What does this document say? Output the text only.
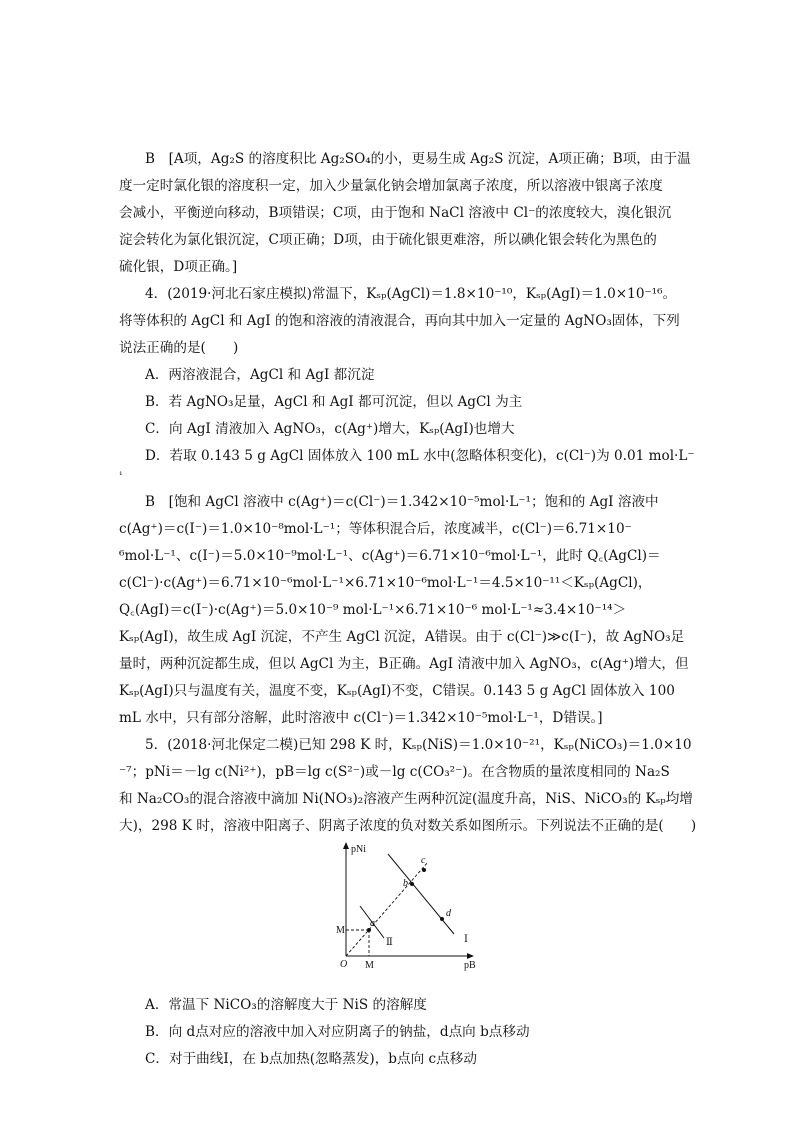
B　[A项，Ag₂S 的溶度积比 Ag₂SO₄的小，更易生成 Ag₂S 沉淀，A项正确；B项，由于温
度一定时氯化银的溶度积一定，加入少量氯化钠会增加氯离子浓度，所以溶液中银离子浓度
会减小，平衡逆向移动，B项错误；C项，由于饱和 NaCl 溶液中 Cl⁻的浓度较大，溴化银沉
淀会转化为氯化银沉淀，C项正确；D项，由于硫化银更难溶，所以碘化银会转化为黑色的
硫化银，D项正确。]
4．(2019·河北石家庄模拟)常温下，Kₛₚ(AgCl)＝1.8×10⁻¹⁰，Kₛₚ(AgI)＝1.0×10⁻¹⁶。
将等体积的 AgCl 和 AgI 的饱和溶液的清液混合，再向其中加入一定量的 AgNO₃固体，下列
说法正确的是(　　)
A．两溶液混合，AgCl 和 AgI 都沉淀
B．若 AgNO₃足量，AgCl 和 AgI 都可沉淀，但以 AgCl 为主
C．向 AgI 清液加入 AgNO₃，c(Ag⁺)增大，Kₛₚ(AgI)也增大
D．若取 0.143 5 g AgCl 固体放入 100 mL 水中(忽略体积变化)，c(Cl⁻)为 0.01 mol·L⁻
¹
B　[饱和 AgCl 溶液中 c(Ag⁺)＝c(Cl⁻)＝1.342×10⁻⁵mol·L⁻¹；饱和的 AgI 溶液中
c(Ag⁺)＝c(I⁻)＝1.0×10⁻⁸mol·L⁻¹；等体积混合后，浓度减半，c(Cl⁻)＝6.71×10⁻
⁶mol·L⁻¹、c(I⁻)＝5.0×10⁻⁹mol·L⁻¹、c(Ag⁺)＝6.71×10⁻⁶mol·L⁻¹，此时 Q꜀(AgCl)＝
c(Cl⁻)·c(Ag⁺)＝6.71×10⁻⁶mol·L⁻¹×6.71×10⁻⁶mol·L⁻¹＝4.5×10⁻¹¹＜Kₛₚ(AgCl)，
Q꜀(AgI)＝c(I⁻)·c(Ag⁺)＝5.0×10⁻⁹ mol·L⁻¹×6.71×10⁻⁶ mol·L⁻¹≈3.4×10⁻¹⁴＞
Kₛₚ(AgI)，故生成 AgI 沉淀，不产生 AgCl 沉淀，A错误。由于 c(Cl⁻)≫c(I⁻)，故 AgNO₃足
量时，两种沉淀都生成，但以 AgCl 为主，B正确。AgI 清液中加入 AgNO₃，c(Ag⁺)增大，但
Kₛₚ(AgI)只与温度有关，温度不变，Kₛₚ(AgI)不变，C错误。0.143 5 g AgCl 固体放入 100
mL 水中，只有部分溶解，此时溶液中 c(Cl⁻)＝1.342×10⁻⁵mol·L⁻¹，D错误。]
5．(2018·河北保定二模)已知 298 K 时，Kₛₚ(NiS)＝1.0×10⁻²¹，Kₛₚ(NiCO₃)＝1.0×10
⁻⁷；pNi＝－lg c(Ni²⁺)，pB＝lg c(S²⁻)或－lg c(CO₃²⁻)。在含物质的量浓度相同的 Na₂S
和 Na₂CO₃的混合溶液中滴加 Ni(NO₃)₂溶液产生两种沉淀(温度升高，NiS、NiCO₃的 Kₛₚ均增
大)，298 K 时，溶液中阳离子、阴离子浓度的负对数关系如图所示。下列说法不正确的是(　　)
pNi
pB
O
M
M
a
b
c
d
Ⅰ
Ⅱ
A．常温下 NiCO₃的溶解度大于 NiS 的溶解度
B．向 d点对应的溶液中加入对应阴离子的钠盐，d点向 b点移动
C．对于曲线Ⅰ，在 b点加热(忽略蒸发)，b点向 c点移动
